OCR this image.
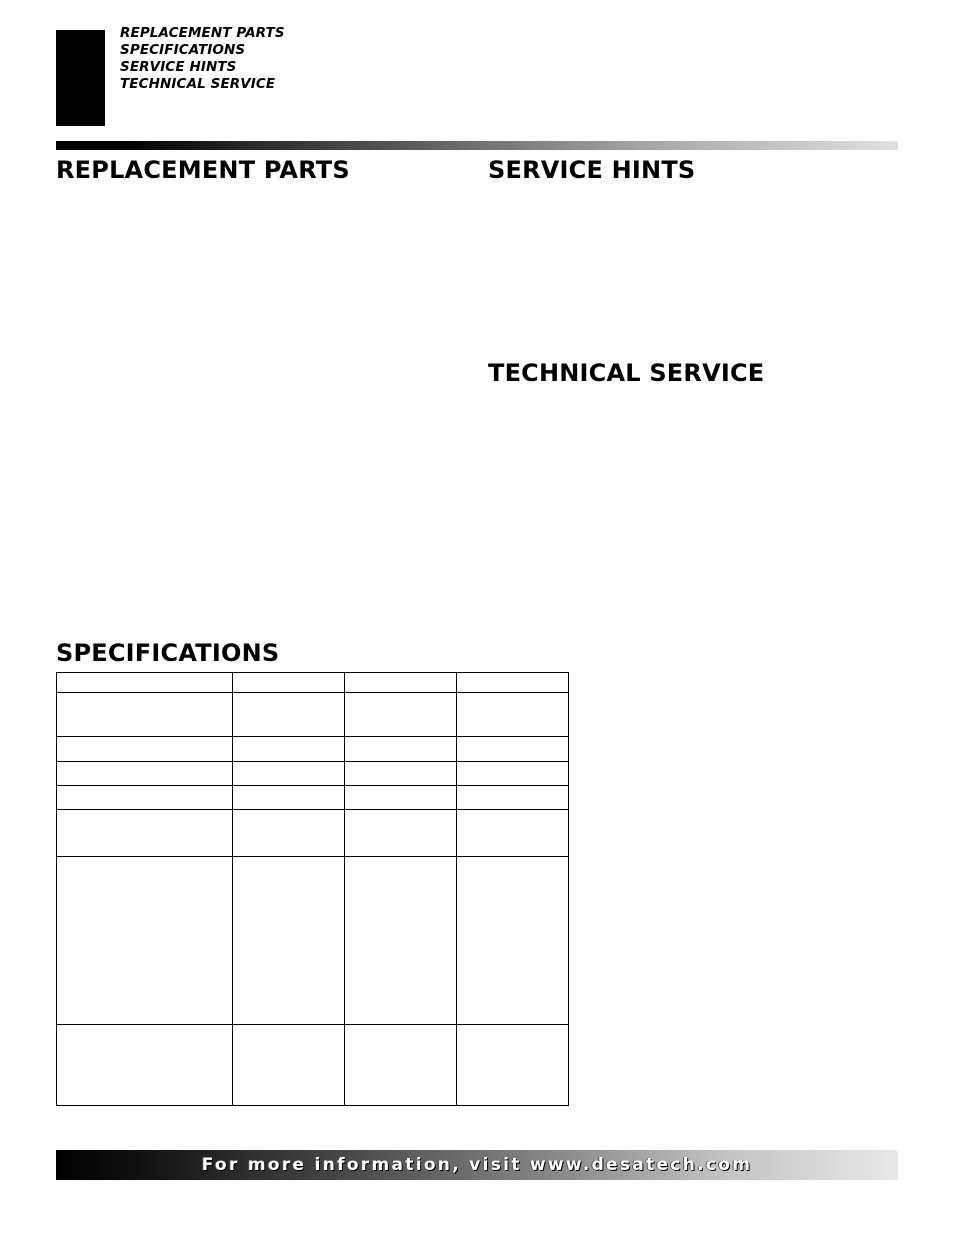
REPLACEMENT PARTS
SPECIFICATIONS
SERVICE HINTS
TECHNICAL SERVICE
REPLACEMENT PARTS	SERVICE HINTS
TECHNICAL SERVICE
SPECIFICATIONS

For more information, visit www.desatech.com
